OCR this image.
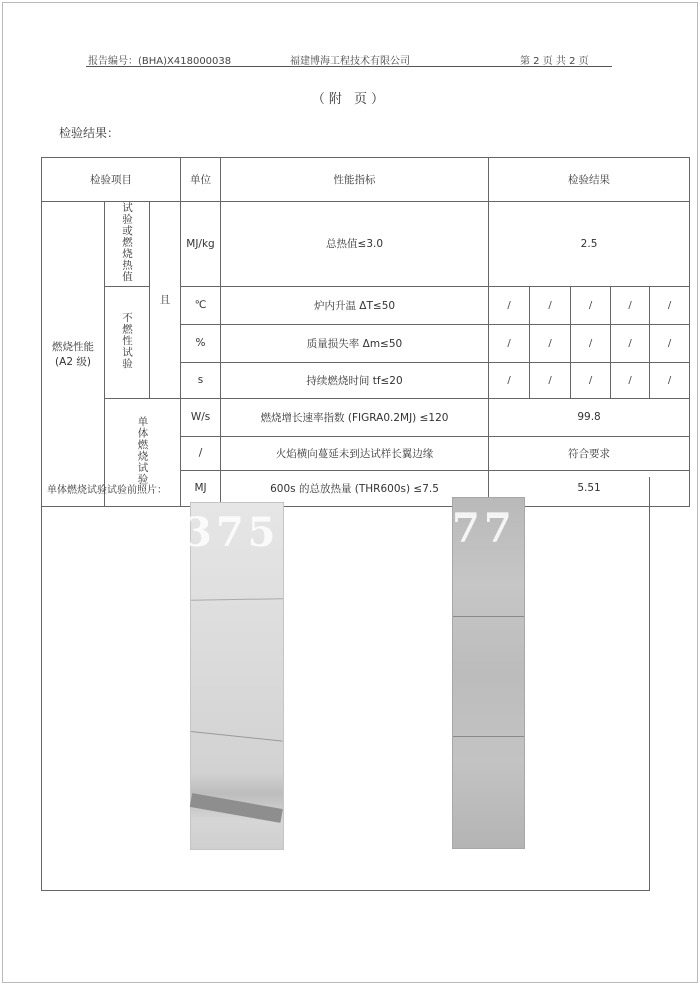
报告编号：(BHA)X418000038	福建博海工程技术有限公司	第 2 页 共 2 页
（附 页）
检验结果：
检验项目			单位	性能指标	检验结果				

燃烧性能
(A2 级)	试验或燃烧热值	且	MJ/kg	总热值≤3.0	2.5				
	不燃性试验		℃	炉内升温 ΔT≤50	/	/	/	/	/
			%	质量损失率 Δm≤50	/	/	/	/	/
			s	持续燃烧时间 tf≤20	/	/	/	/	/
	单体燃烧试验		W/s	燃烧增长速率指数 (FIGRA0.2MJ) ≤120	99.8				
			/	火焰横向蔓延未到达试样长翼边缘	符合要求				
			MJ	600s 的总放热量 (THR600s) ≤7.5	5.51				
单体燃烧试验试验前照片：
375	77
